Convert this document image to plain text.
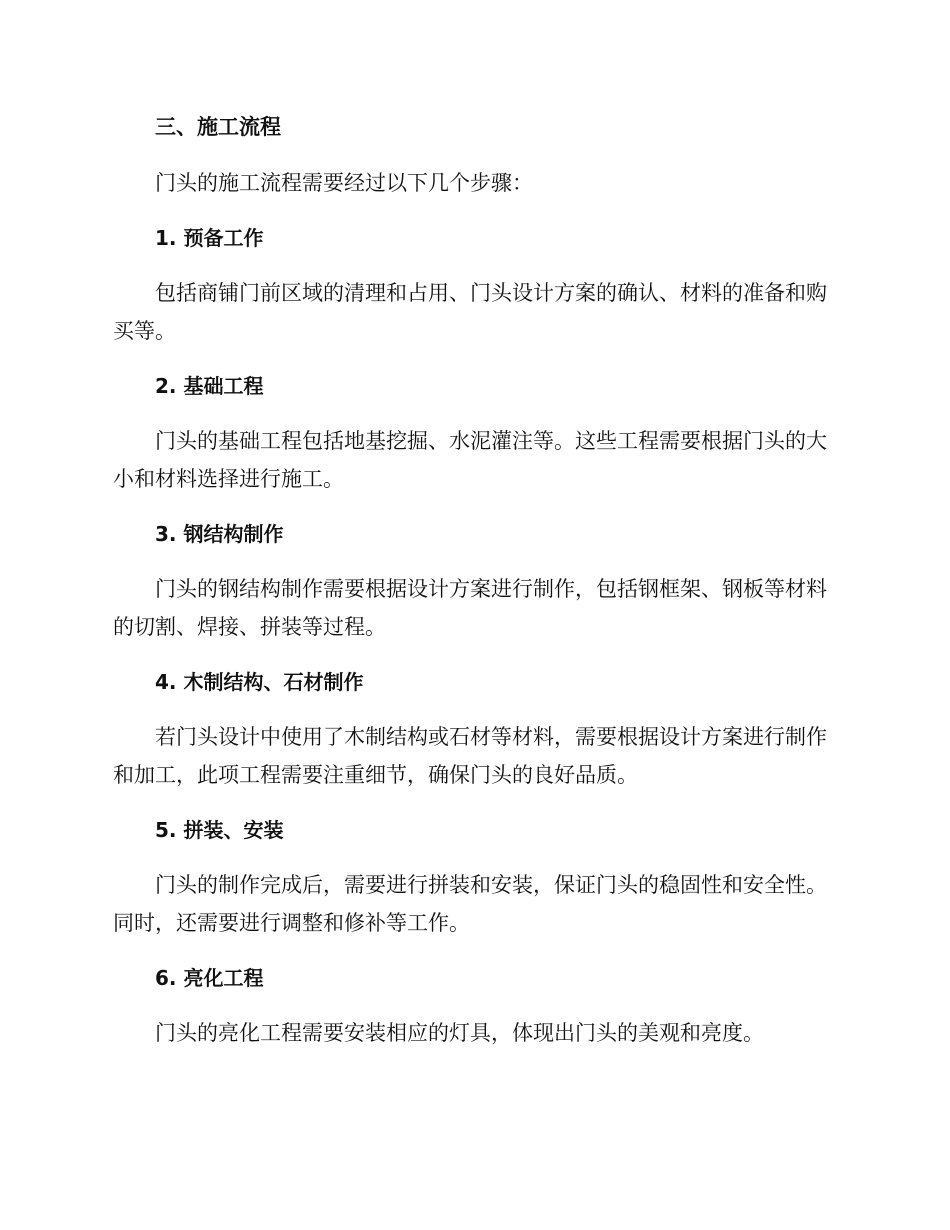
三、施工流程

门头的施工流程需要经过以下几个步骤：

1. 预备工作

包括商铺门前区域的清理和占用、门头设计方案的确认、材料的准备和购买等。

2. 基础工程

门头的基础工程包括地基挖掘、水泥灌注等。这些工程需要根据门头的大小和材料选择进行施工。

3. 钢结构制作

门头的钢结构制作需要根据设计方案进行制作，包括钢框架、钢板等材料的切割、焊接、拼装等过程。

4. 木制结构、石材制作

若门头设计中使用了木制结构或石材等材料，需要根据设计方案进行制作和加工，此项工程需要注重细节，确保门头的良好品质。

5. 拼装、安装

门头的制作完成后，需要进行拼装和安装，保证门头的稳固性和安全性。同时，还需要进行调整和修补等工作。

6. 亮化工程

门头的亮化工程需要安装相应的灯具，体现出门头的美观和亮度。
